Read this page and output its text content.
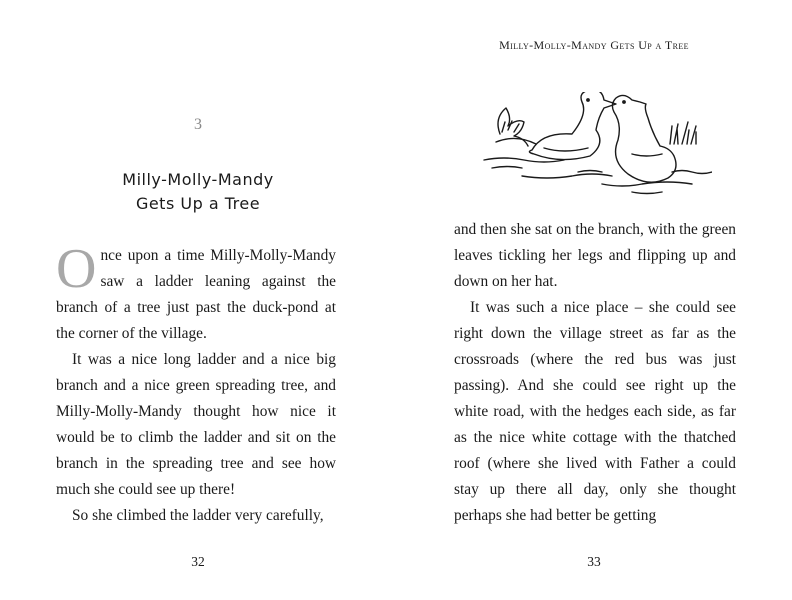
3
Milly-Molly-Mandy
Gets Up a Tree

Once upon a time Milly-Molly-Mandy saw a ladder leaning against the branch of a tree just past the duck-pond at the corner of the village.

It was a nice long ladder and a nice big branch and a nice green spreading tree, and Milly-Molly-Mandy thought how nice it would be to climb the ladder and sit on the branch in the spreading tree and see how much she could see up there!

So she climbed the ladder very carefully,

32
Milly-Molly-Mandy Gets Up a Tree

and then she sat on the branch, with the green leaves tickling her legs and flipping up and down on her hat.

It was such a nice place – she could see right down the village street as far as the crossroads (where the red bus was just passing). And she could see right up the white road, with the hedges each side, as far as the nice white cottage with the thatched roof (where she lived with Father a could stay up there all day, only she thought perhaps she had better be getting

33
